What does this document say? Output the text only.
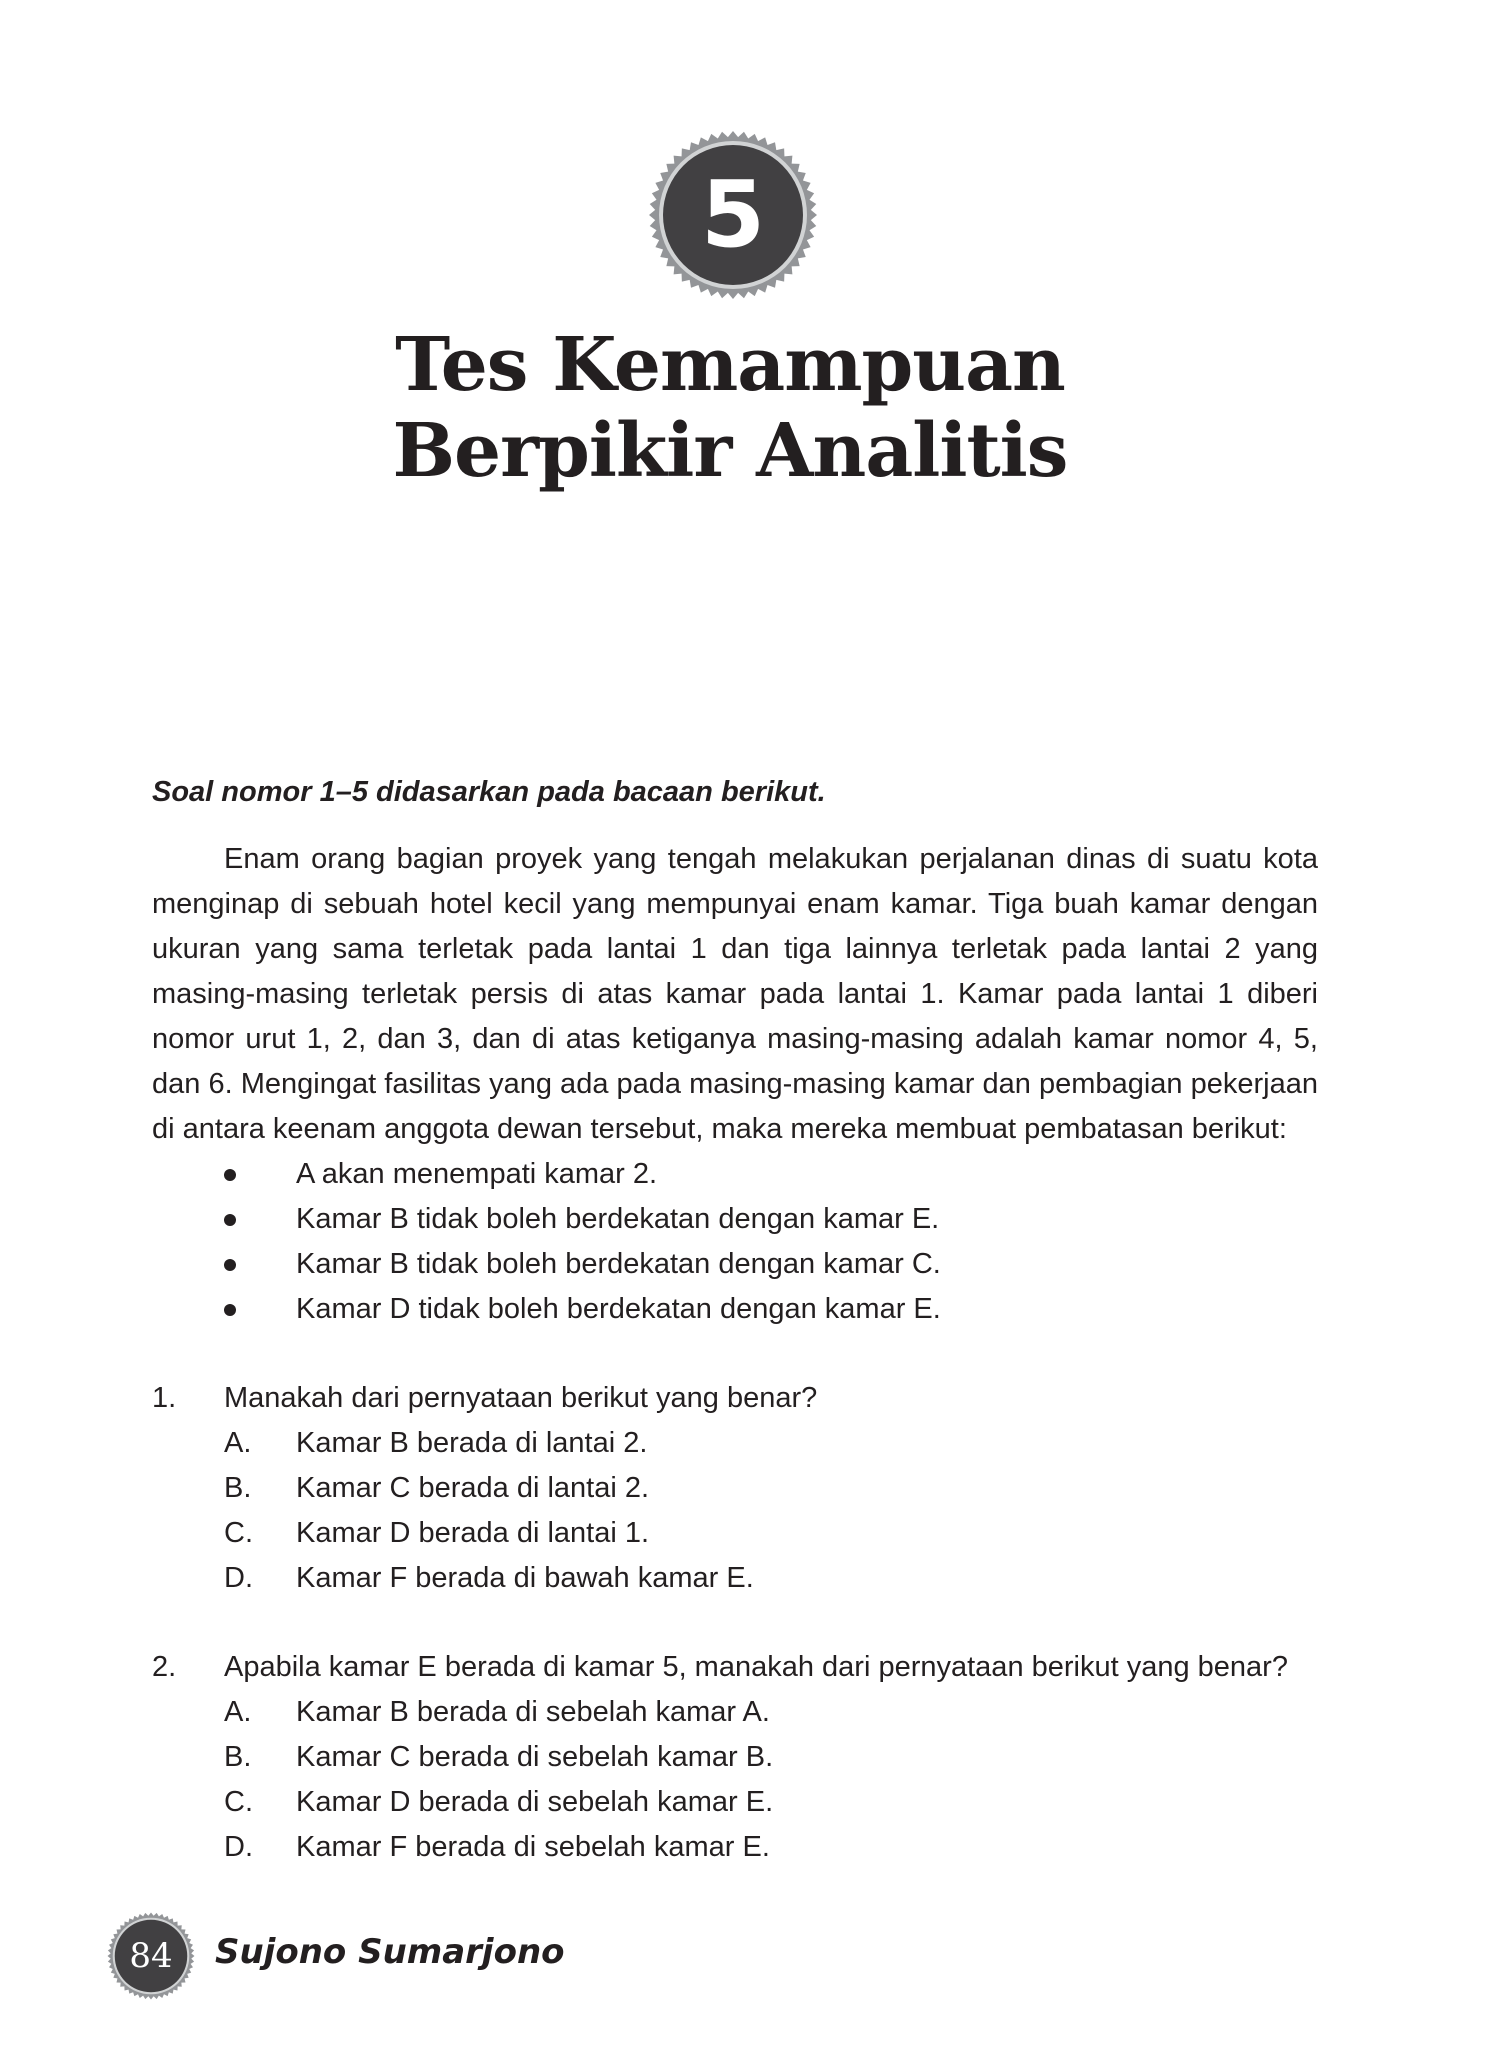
5
Tes Kemampuan
Berpikir Analitis

Soal nomor 1–5 didasarkan pada bacaan berikut.

Enam orang bagian proyek yang tengah melakukan perjalanan dinas di suatu kota menginap di sebuah hotel kecil yang mempunyai enam kamar. Tiga buah kamar dengan ukuran yang sama terletak pada lantai 1 dan tiga lainnya terletak pada lantai 2 yang masing-masing terletak persis di atas kamar pada lantai 1. Kamar pada lantai 1 diberi nomor urut 1, 2, dan 3, dan di atas ketiganya masing-masing adalah kamar nomor 4, 5, dan 6. Mengingat fasilitas yang ada pada masing-masing kamar dan pembagian pekerjaan di antara keenam anggota dewan tersebut, maka mereka membuat pembatasan berikut:

A akan menempati kamar 2.
Kamar B tidak boleh berdekatan dengan kamar E.
Kamar B tidak boleh berdekatan dengan kamar C.
Kamar D tidak boleh berdekatan dengan kamar E.
1. Manakah dari pernyataan berikut yang benar?
A. Kamar B berada di lantai 2.
B. Kamar C berada di lantai 2.
C. Kamar D berada di lantai 1.
D. Kamar F berada di bawah kamar E.
2. Apabila kamar E berada di kamar 5, manakah dari pernyataan berikut yang benar?
A. Kamar B berada di sebelah kamar A.
B. Kamar C berada di sebelah kamar B.
C. Kamar D berada di sebelah kamar E.
D. Kamar F berada di sebelah kamar E.
84	Sujono Sumarjono
